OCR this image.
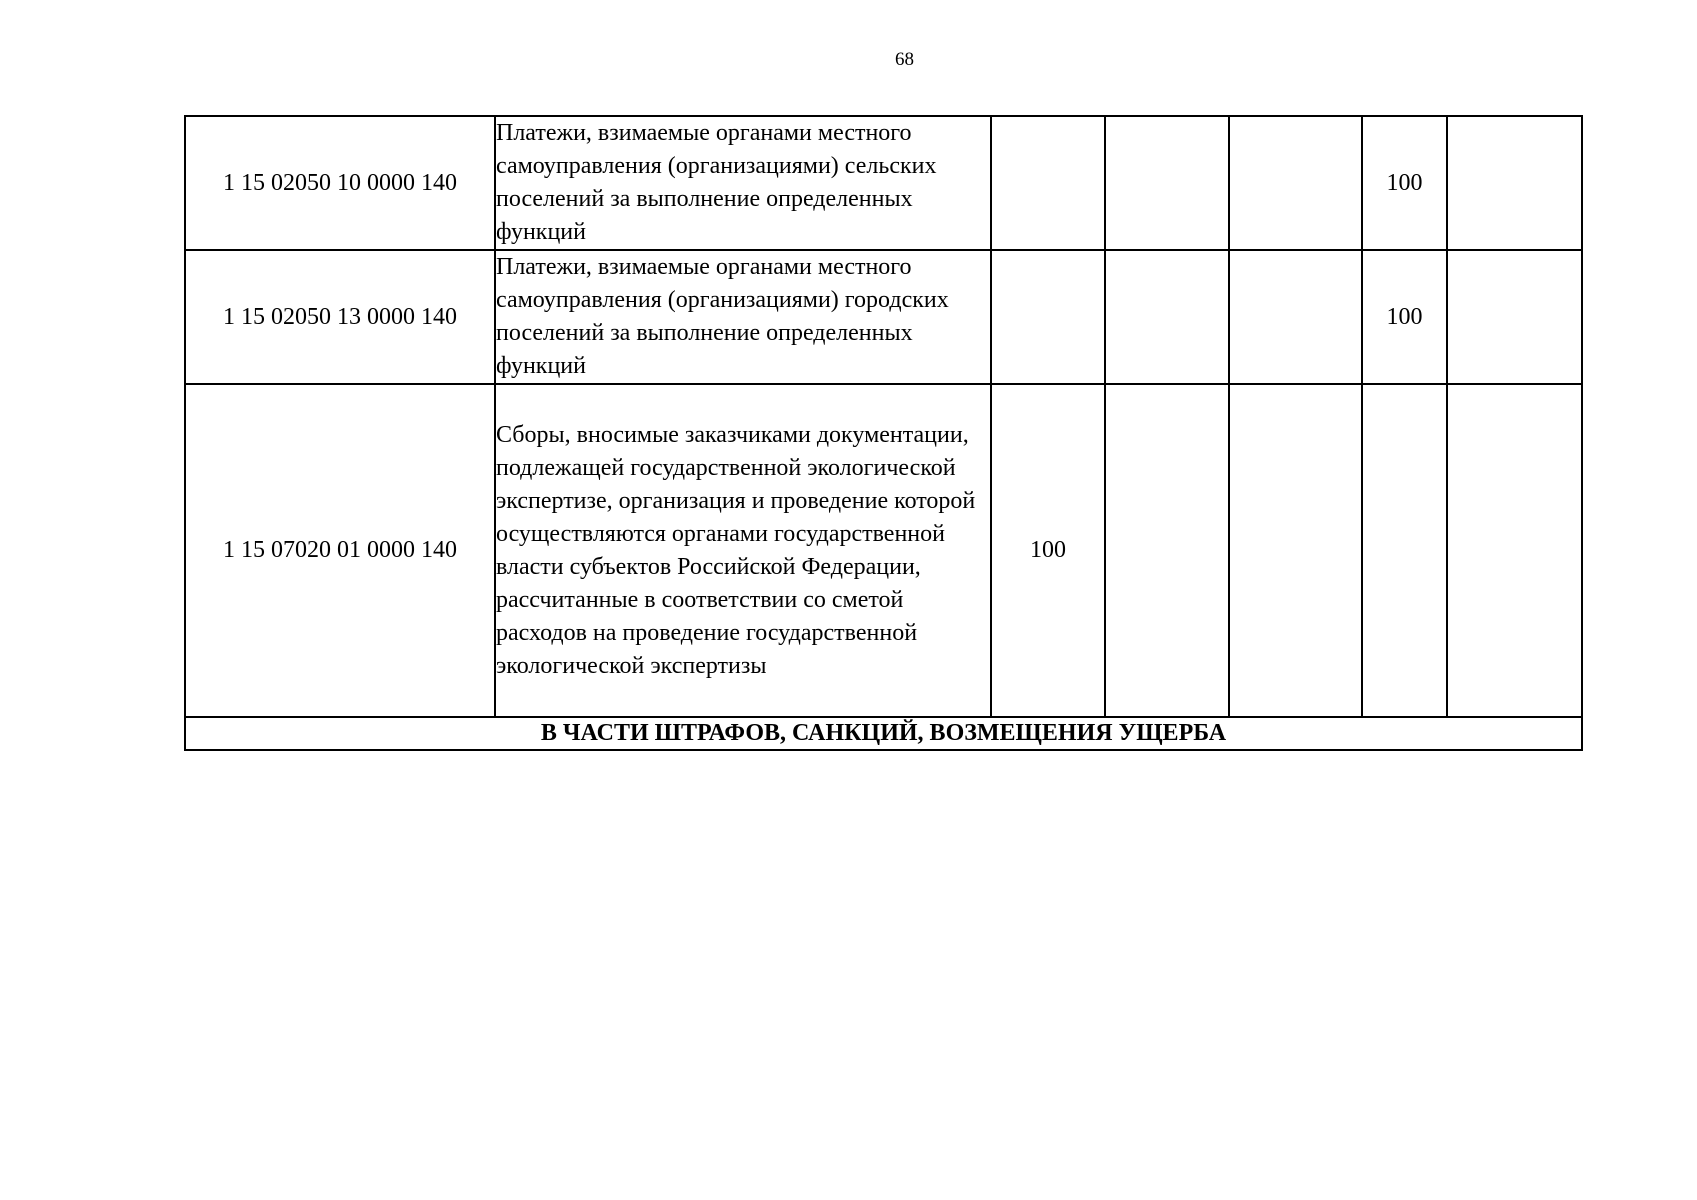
68
1 15 02050 10 0000 140	Платежи, взимаемые органами местного самоуправления (организациями) сельских поселений за выполнение определенных функций				100	
1 15 02050 13 0000 140	Платежи, взимаемые органами местного самоуправления (организациями) городских поселений за выполнение определенных функций				100	
1 15 07020 01 0000 140	Сборы, вносимые заказчиками документации, подлежащей государственной экологической экспертизе, организация и проведение которой осуществляются органами государственной власти субъектов Российской Федерации, рассчитанные в соответствии со сметой расходов на проведение государственной экологической экспертизы	100				
В ЧАСТИ ШТРАФОВ, САНКЦИЙ, ВОЗМЕЩЕНИЯ УЩЕРБА						
